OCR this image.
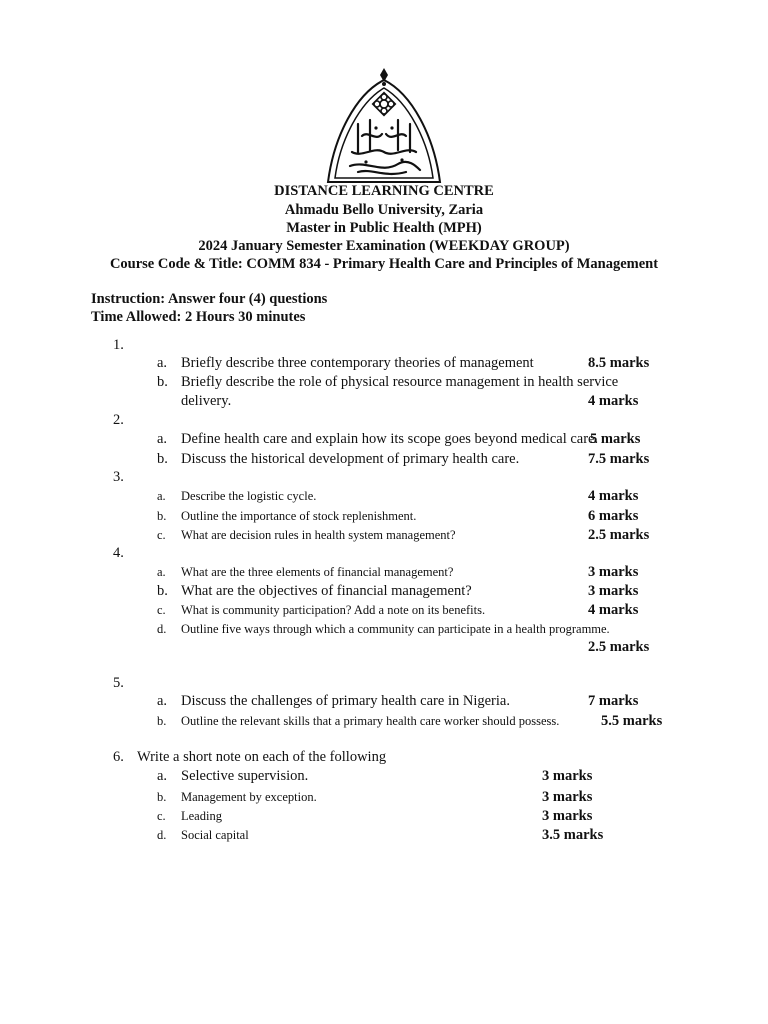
DISTANCE LEARNING CENTRE
Ahmadu Bello University, Zaria
Master in Public Health (MPH)
2024 January Semester Examination (WEEKDAY GROUP)
Course Code & Title: COMM 834 - Primary Health Care and Principles of Management
Instruction: Answer four (4) questions
Time Allowed: 2 Hours 30 minutes
1.
a. Briefly describe three contemporary theories of management	8.5 marks
b. Briefly describe the role of physical resource management in health service
delivery.	4 marks
2.
a. Define health care and explain how its scope goes beyond medical care.
5 marks
b. Discuss the historical development of primary health care.	7.5 marks
3.
a. Describe the logistic cycle.	4 marks
b. Outline the importance of stock replenishment.	6 marks
c. What are decision rules in health system management?	2.5 marks
4.
a. What are the three elements of financial management?	3 marks
b. What are the objectives of financial management?	3 marks
c. What is community participation? Add a note on its benefits.	4 marks
d. Outline five ways through which a community can participate in a health programme.
2.5 marks
5.
a. Discuss the challenges of primary health care in Nigeria.	7 marks
b. Outline the relevant skills that a primary health care worker should possess.	5.5 marks
6. Write a short note on each of the following
a. Selective supervision.	3 marks
b. Management by exception.	3 marks
c. Leading	3 marks
d. Social capital	3.5 marks
